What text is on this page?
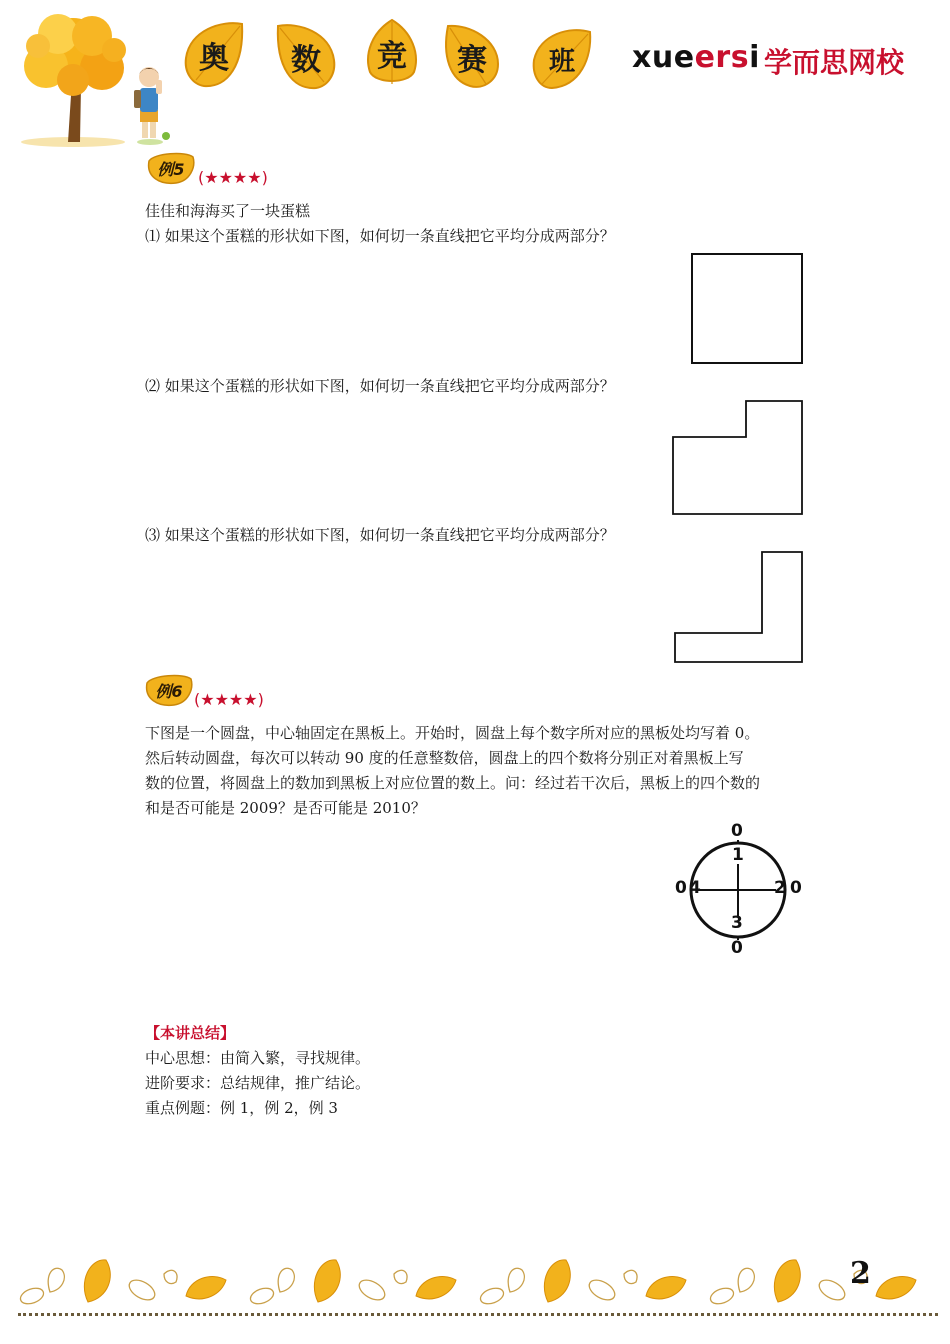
奥 数 竞 赛 班 xueersi 学而思网校
例5 (★★★★)
佳佳和海海买了一块蛋糕
⑴ 如果这个蛋糕的形状如下图，如何切一条直线把它平均分成两部分？
⑵ 如果这个蛋糕的形状如下图，如何切一条直线把它平均分成两部分？
⑶ 如果这个蛋糕的形状如下图，如何切一条直线把它平均分成两部分？
例6 (★★★★)
下图是一个圆盘，中心轴固定在黑板上。开始时，圆盘上每个数字所对应的黑板处均写着 0。
然后转动圆盘，每次可以转动 90 度的任意整数倍，圆盘上的四个数将分别正对着黑板上写
数的位置，将圆盘上的数加到黑板上对应位置的数上。问：经过若干次后，黑板上的四个数的
和是否可能是 2009？是否可能是 2010？
0
1
0 4	2 0
3
0
【本讲总结】
中心思想：由简入繁，寻找规律。
进阶要求：总结规律，推广结论。
重点例题：例 1，例 2，例 3
2
